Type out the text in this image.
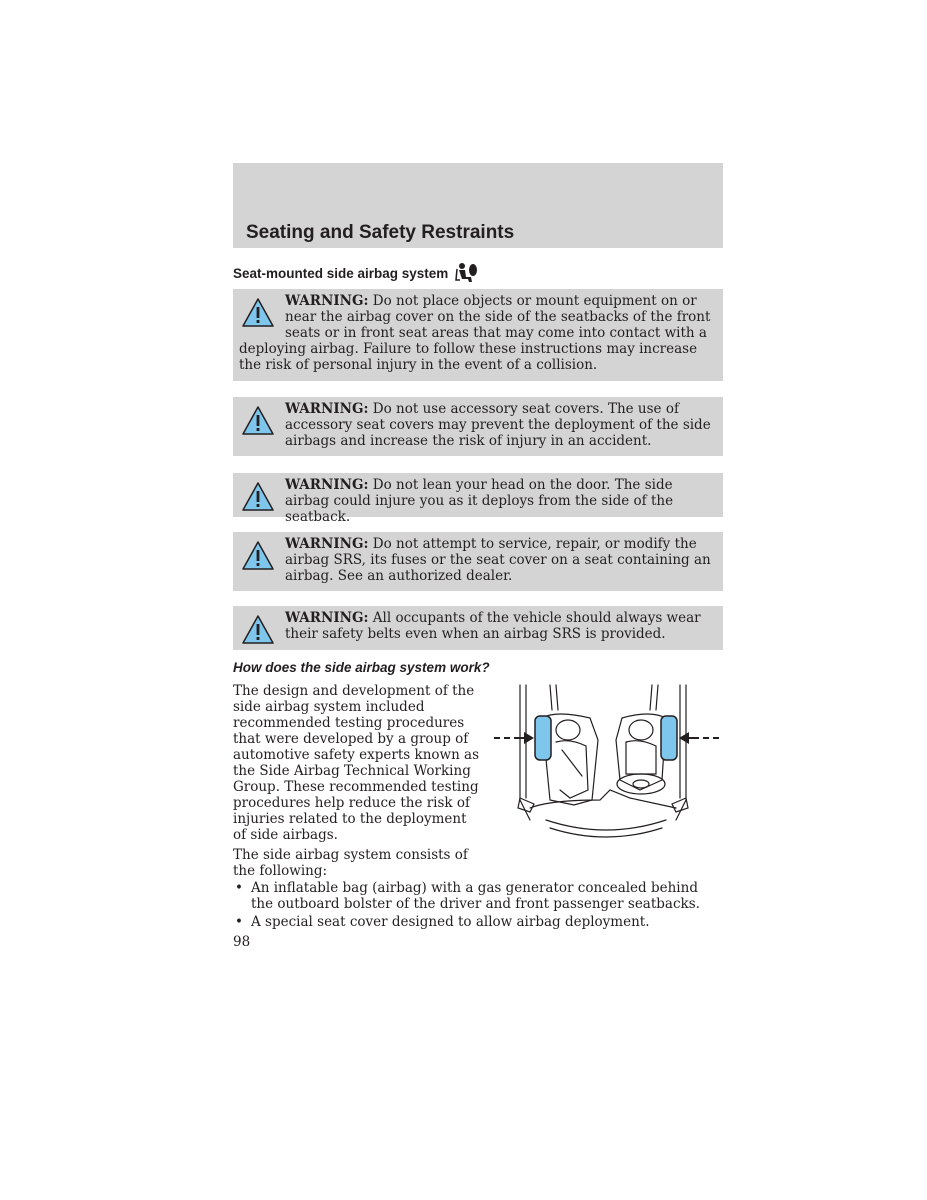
Seating and Safety Restraints
Seat-mounted side airbag system
WARNING: Do not place objects or mount equipment on or near the airbag cover on the side of the seatbacks of the front seats or in front seat areas that may come into contact with a deploying airbag. Failure to follow these instructions may increase the risk of personal injury in the event of a collision.
WARNING: Do not use accessory seat covers. The use of accessory seat covers may prevent the deployment of the side airbags and increase the risk of injury in an accident.
WARNING: Do not lean your head on the door. The side airbag could injure you as it deploys from the side of the seatback.
WARNING: Do not attempt to service, repair, or modify the airbag SRS, its fuses or the seat cover on a seat containing an airbag. See an authorized dealer.
WARNING: All occupants of the vehicle should always wear their safety belts even when an airbag SRS is provided.
How does the side airbag system work?
The design and development of the side airbag system included recommended testing procedures that were developed by a group of automotive safety experts known as the Side Airbag Technical Working Group. These recommended testing procedures help reduce the risk of injuries related to the deployment of side airbags.
The side airbag system consists of the following:
• An inflatable bag (airbag) with a gas generator concealed behind the outboard bolster of the driver and front passenger seatbacks.
• A special seat cover designed to allow airbag deployment.
98
